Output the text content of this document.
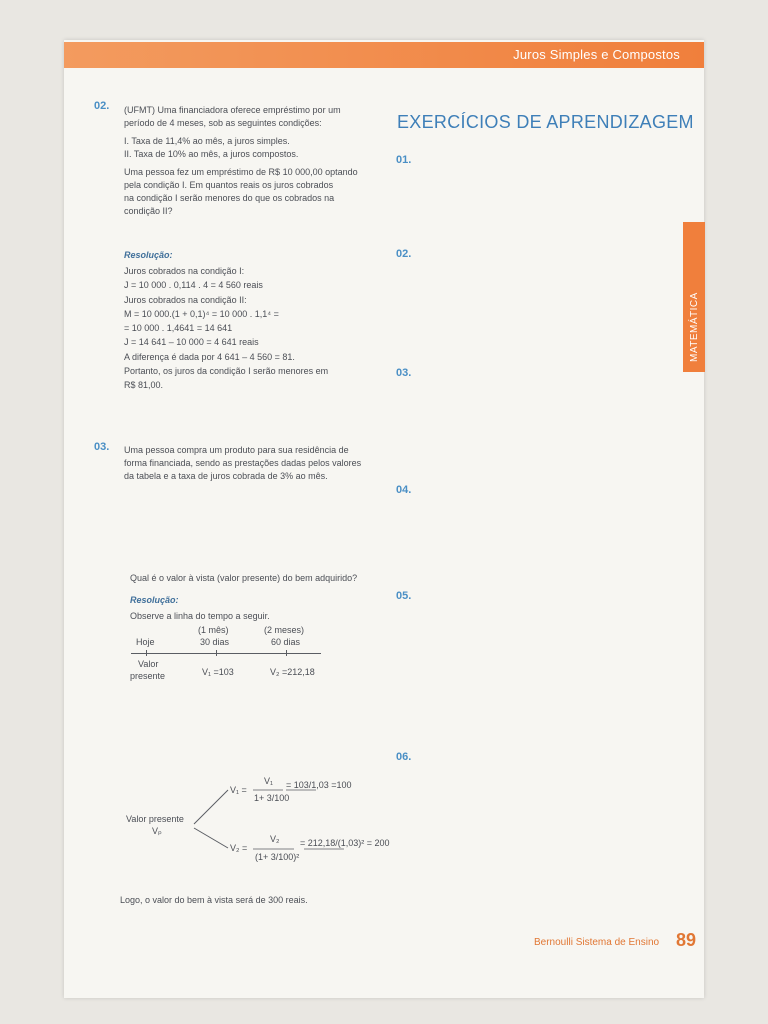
Juros Simples e Compostos
MATEMÁTICA
02. (UFMT) Uma financiadora oferece empréstimo por um
período de 4 meses, sob as seguintes condições:
I. Taxa de 11,4% ao mês, a juros simples.
II. Taxa de 10% ao mês, a juros compostos.
Uma pessoa fez um empréstimo de R$ 10 000,00 optando
pela condição I. Em quantos reais os juros cobrados
na condição I serão menores do que os cobrados na
condição II?
Resolução:
Juros cobrados na condição I:
J = 10 000 . 0,114 . 4 = 4 560 reais
Juros cobrados na condição II:
M = 10 000.(1 + 0,1)⁴ = 10 000 . 1,1⁴ =
= 10 000 . 1,4641 = 14 641
J = 14 641 – 10 000 = 4 641 reais
A diferença é dada por 4 641 – 4 560 = 81.
Portanto, os juros da condição I serão menores em
R$ 81,00.
03. Uma pessoa compra um produto para sua residência de
forma financiada, sendo as prestações dadas pelos valores
da tabela e a taxa de juros cobrada de 3% ao mês.
Qual é o valor à vista (valor presente) do bem adquirido?
Resolução:
Observe a linha do tempo a seguir.
(1 mês)	(2 meses)
Hoje	30 dias	60 dias
Valor
presente	V₁ =103	V₂ =212,18
Valor presente
Vₚ
V₁ =
V₁
1+ 3/100
= 103/1,03 =100
V₂ =
V₂
(1+ 3/100)²
= 212,18/(1,03)² = 200
Logo, o valor do bem à vista será de 300 reais.
EXERCÍCIOS DE APRENDIZAGEM
01.
02.
03.
04.
05.
06.
Bernoulli Sistema de Ensino 89
